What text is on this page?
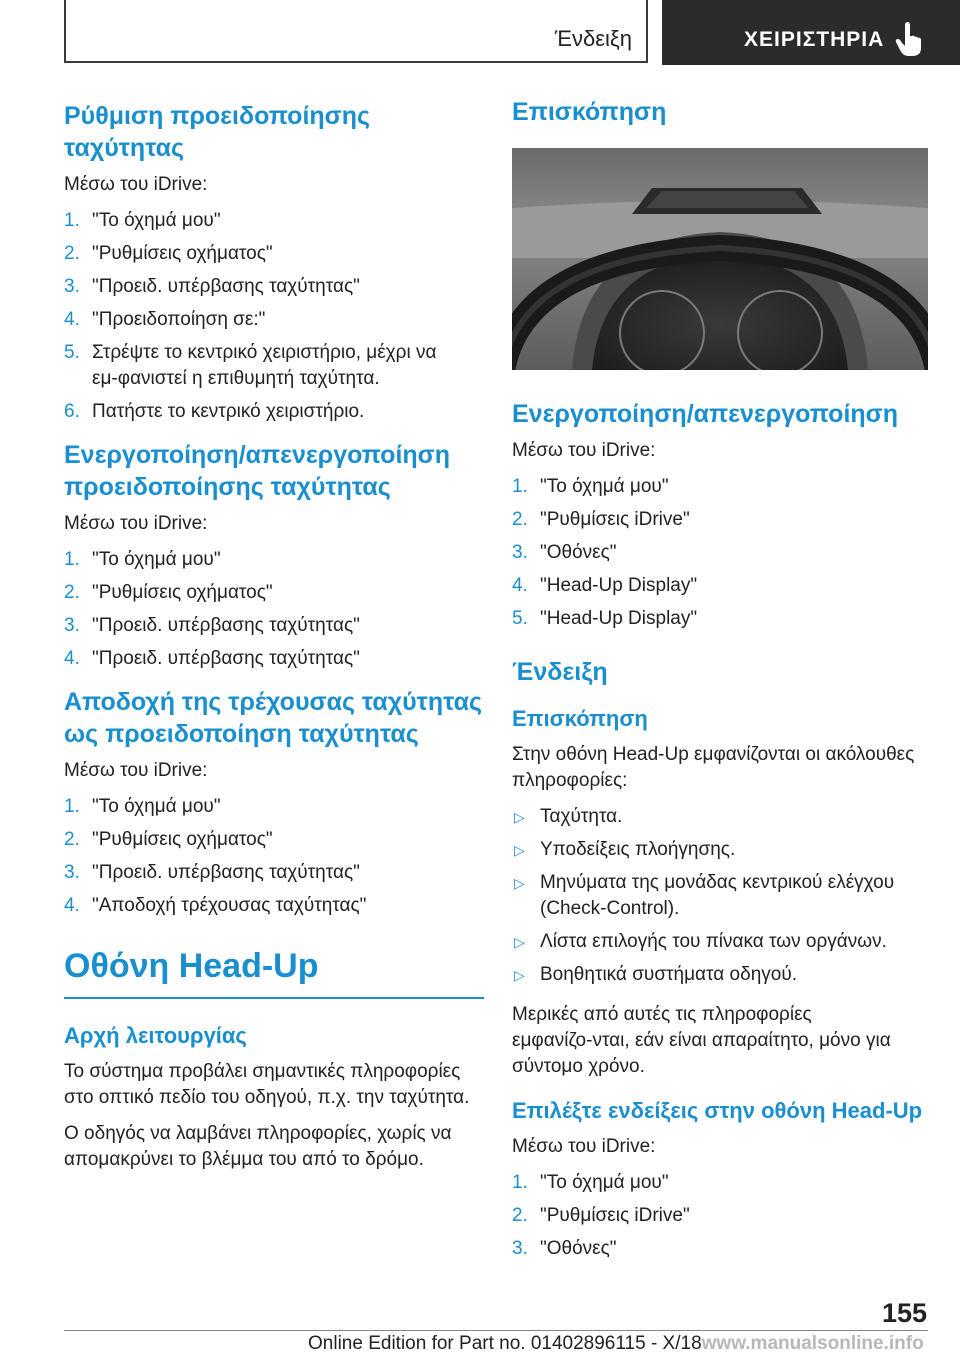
Ένδειξη	ΧΕΙΡΙΣΤΗΡΙΑ
Ρύθμιση προειδοποίησης ταχύτητας

Μέσω του iDrive:

1. "Το όχημά μου"
2. "Ρυθμίσεις οχήματος"
3. "Προειδ. υπέρβασης ταχύτητας"
4. "Προειδοποίηση σε:"
5. Στρέψτε το κεντρικό χειριστήριο, μέχρι να εμ‑φανιστεί η επιθυμητή ταχύτητα.
6. Πατήστε το κεντρικό χειριστήριο.
Ενεργοποίηση/απενεργοποίηση προειδοποίησης ταχύτητας

Μέσω του iDrive:

1. "Το όχημά μου"
2. "Ρυθμίσεις οχήματος"
3. "Προειδ. υπέρβασης ταχύτητας"
4. "Προειδ. υπέρβασης ταχύτητας"
Αποδοχή της τρέχουσας ταχύτητας ως προειδοποίηση ταχύτητας

Μέσω του iDrive:

1. "Το όχημά μου"
2. "Ρυθμίσεις οχήματος"
3. "Προειδ. υπέρβασης ταχύτητας"
4. "Αποδοχή τρέχουσας ταχύτητας"
Οθόνη Head‑Up
Αρχή λειτουργίας

Το σύστημα προβάλει σημαντικές πληροφορίες στο οπτικό πεδίο του οδηγού, π.χ. την ταχύτητα.

Ο οδηγός να λαμβάνει πληροφορίες, χωρίς να απομακρύνει το βλέμμα του από το δρόμο.

Επισκόπηση
Ενεργοποίηση/απενεργοποίηση

Μέσω του iDrive:

1. "Το όχημά μου"
2. "Ρυθμίσεις iDrive"
3. "Οθόνες"
4. "Head-Up Display"
5. "Head-Up Display"
Ένδειξη
Επισκόπηση

Στην οθόνη Head-Up εμφανίζονται οι ακόλουθες πληροφορίες:

▷ Ταχύτητα.
▷ Υποδείξεις πλοήγησης.
▷ Μηνύματα της μονάδας κεντρικού ελέγχου (Check-Control).
▷ Λίστα επιλογής του πίνακα των οργάνων.
▷ Βοηθητικά συστήματα οδηγού.

Μερικές από αυτές τις πληροφορίες εμφανίζο‑νται, εάν είναι απαραίτητο, μόνο για σύντομο χρόνο.

Επιλέξτε ενδείξεις στην οθόνη Head-Up

Μέσω του iDrive:

1. "Το όχημά μου"
2. "Ρυθμίσεις iDrive"
3. "Οθόνες"
155
Online Edition for Part no. 01402896115 - X/18www.manualsonline.info
